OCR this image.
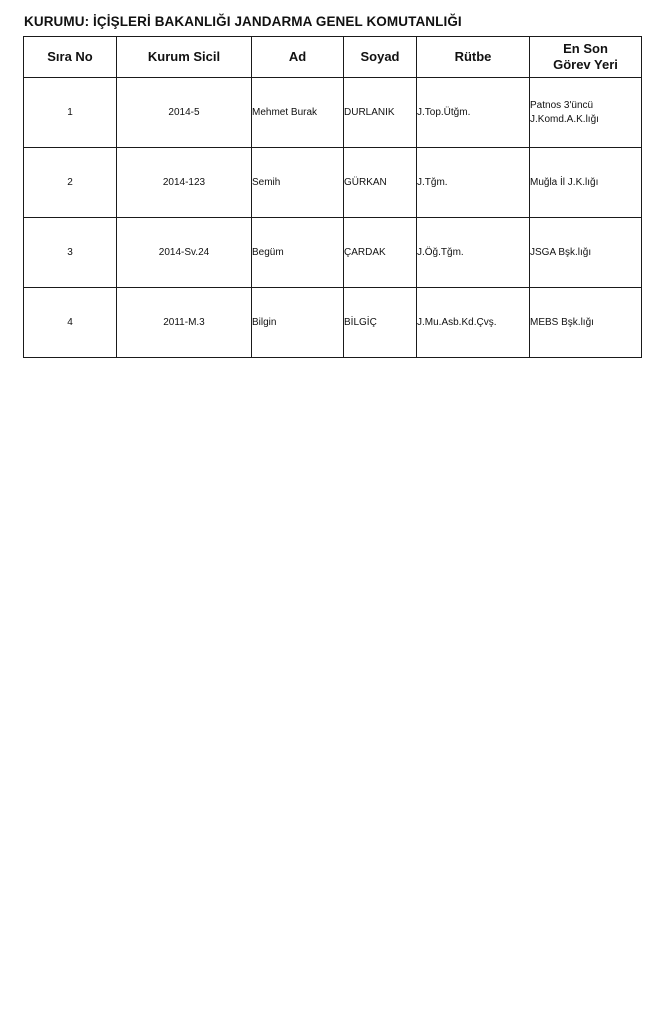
KURUMU: İÇİŞLERİ BAKANLIĞI JANDARMA GENEL KOMUTANLIĞI
Sıra No	Kurum Sicil	Ad	Soyad	Rütbe	En Son Görev Yeri
1	2014-5	Mehmet Burak	DURLANIK	J.Top.Ütğm.	Patnos 3'üncü J.Komd.A.K.lığı
2	2014-123	Semih	GÜRKAN	J.Tğm.	Muğla İl J.K.lığı
3	2014-Sv.24	Begüm	ÇARDAK	J.Öğ.Tğm.	JSGA Bşk.lığı
4	2011-M.3	Bilgin	BİLGİÇ	J.Mu.Asb.Kd.Çvş.	MEBS Bşk.lığı
